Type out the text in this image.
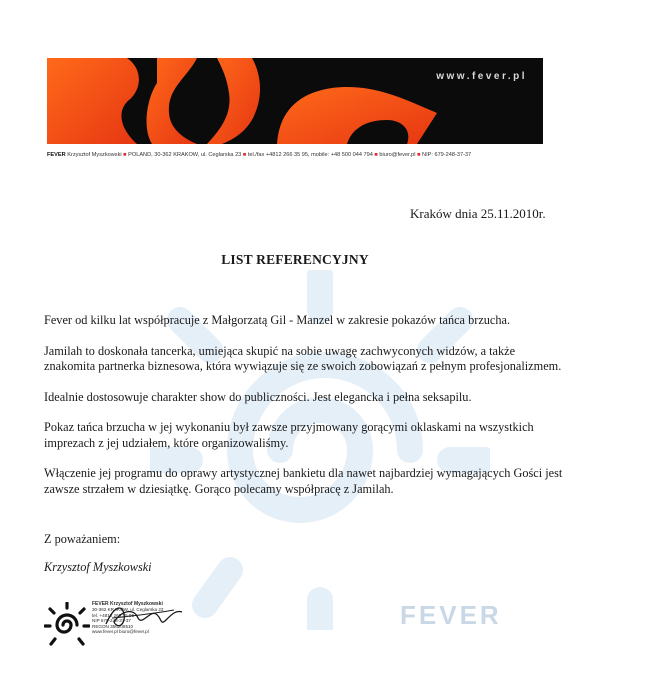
FEVER
www.fever.pl
FEVER Krzysztof Myszkowski ■ POLAND, 30-362 KRAKÓW, ul. Ceglarska 23 ■ tel./fax +4812 266 35 95, mobile: +48 500 044 794 ■ biuro@fever.pl ■ NIP: 679-248-37-37
Kraków dnia 25.11.2010r.
LIST REFERENCYJNY

Fever od kilku lat współpracuje z Małgorzatą Gil - Manzel w zakresie pokazów tańca brzucha.

Jamilah to doskonała tancerka, umiejąca skupić na sobie uwagę zachwyconych widzów, a także znakomita partnerka biznesowa, która wywiązuje się ze swoich zobowiązań z pełnym profesjonalizmem.

Idealnie dostosowuje charakter show do publiczności. Jest elegancka i pełna seksapilu.

Pokaz tańca brzucha w jej wykonaniu był zawsze przyjmowany gorącymi oklaskami na wszystkich imprezach z jej udziałem, które organizowaliśmy.

Włączenie jej programu do oprawy artystycznej bankietu dla nawet najbardziej wymagających Gości jest zawsze strzałem w dziesiątkę. Gorąco polecamy współpracę z Jamilah.

Z poważaniem:
Krzysztof Myszkowski
FEVER Krzysztof Myszkowski
30-362 KRAKÓW, ul. Ceglarska 23
tel. +4812 266 35 95
NIP 679-248-37-37
REGON 356208510
www.fever.pl biuro@fever.pl
